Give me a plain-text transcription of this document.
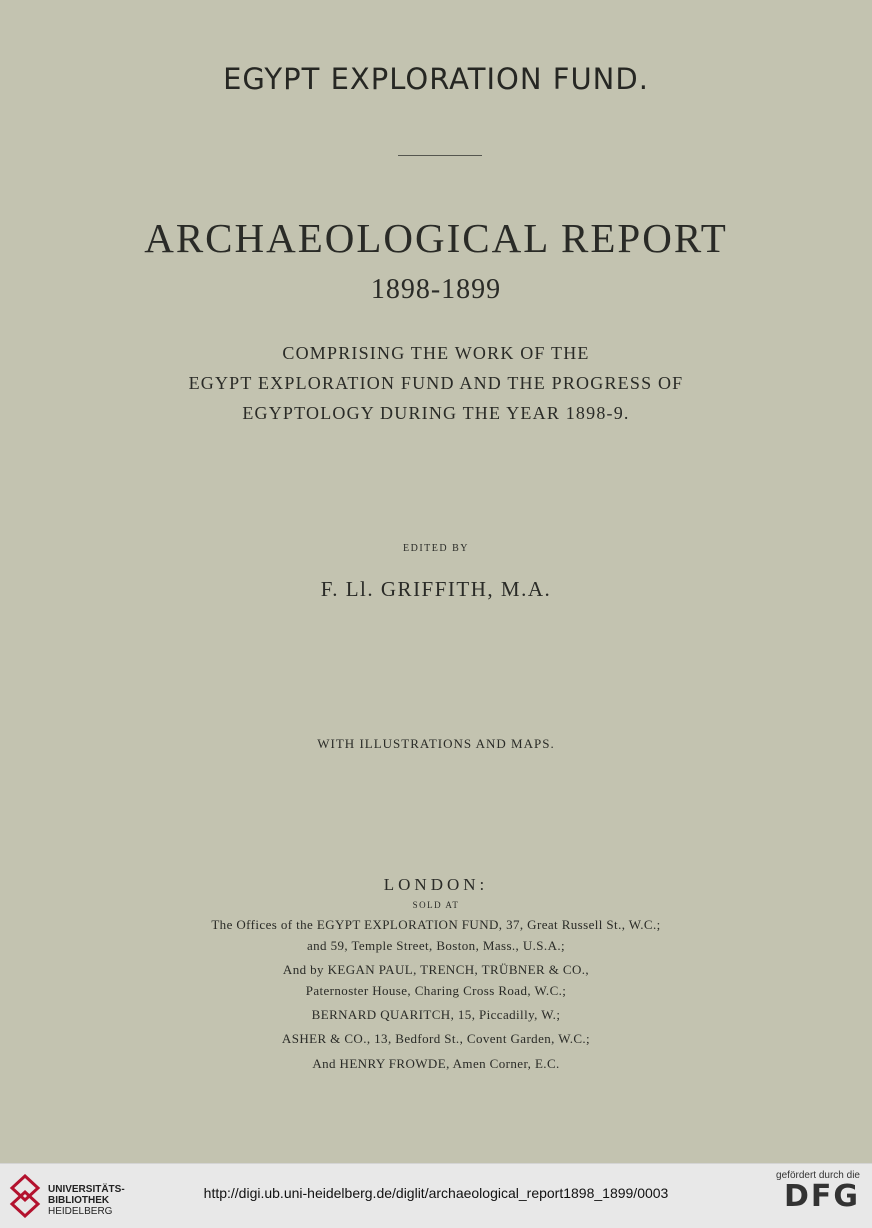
EGYPT EXPLORATION FUND.
ARCHAEOLOGICAL REPORT
1898-1899
COMPRISING THE WORK OF THE
EGYPT EXPLORATION FUND AND THE PROGRESS OF
EGYPTOLOGY DURING THE YEAR 1898-9.
EDITED BY
F. Ll. GRIFFITH, M.A.
WITH ILLUSTRATIONS AND MAPS.
LONDON:
SOLD AT
The Offices of the EGYPT EXPLORATION FUND, 37, Great Russell St., W.C.;
and 59, Temple Street, Boston, Mass., U.S.A.;
And by KEGAN PAUL, TRENCH, TRÜBNER & CO.,
Paternoster House, Charing Cross Road, W.C.;
BERNARD QUARITCH, 15, Piccadilly, W.;
ASHER & CO., 13, Bedford St., Covent Garden, W.C.;
And HENRY FROWDE, Amen Corner, E.C.
UNIVERSITÄTS-
BIBLIOTHEK
HEIDELBERG
http://digi.ub.uni-heidelberg.de/diglit/archaeological_report1898_1899/0003
gefördert durch die
DFG
